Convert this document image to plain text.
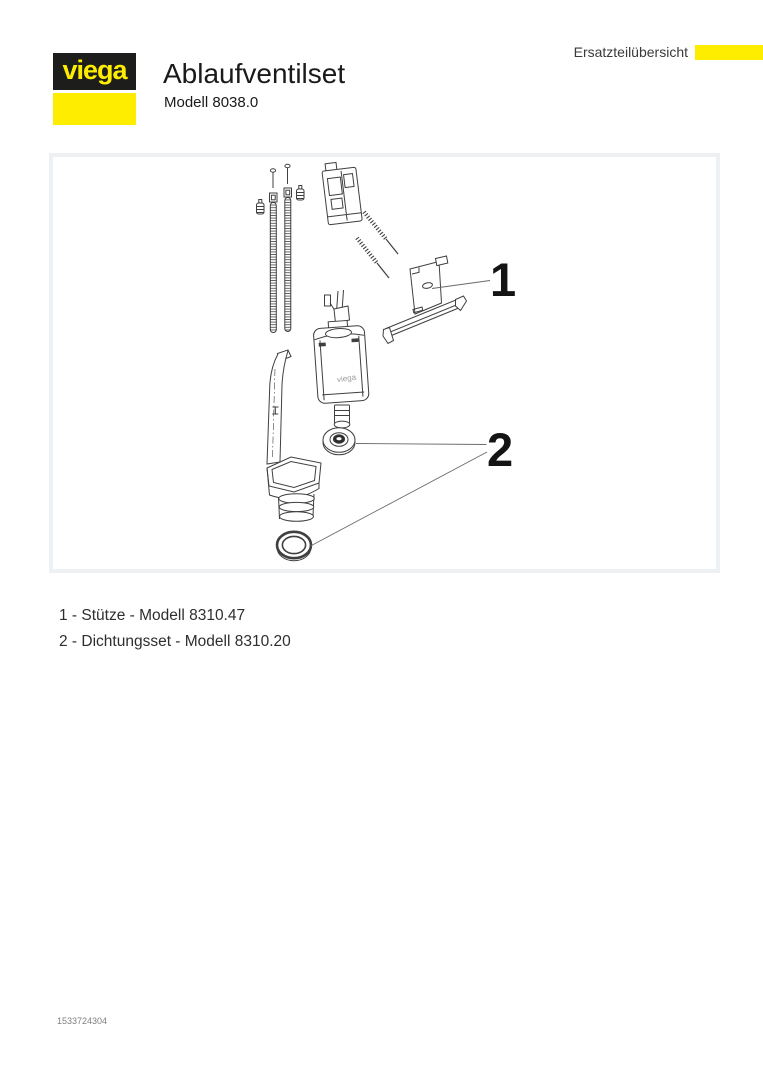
viega Ablaufventilset
Modell 8038.0
Ersatzteilübersicht
viega
1
2
1 - Stütze - Modell 8310.47
2 - Dichtungsset - Modell 8310.20
1533724304
